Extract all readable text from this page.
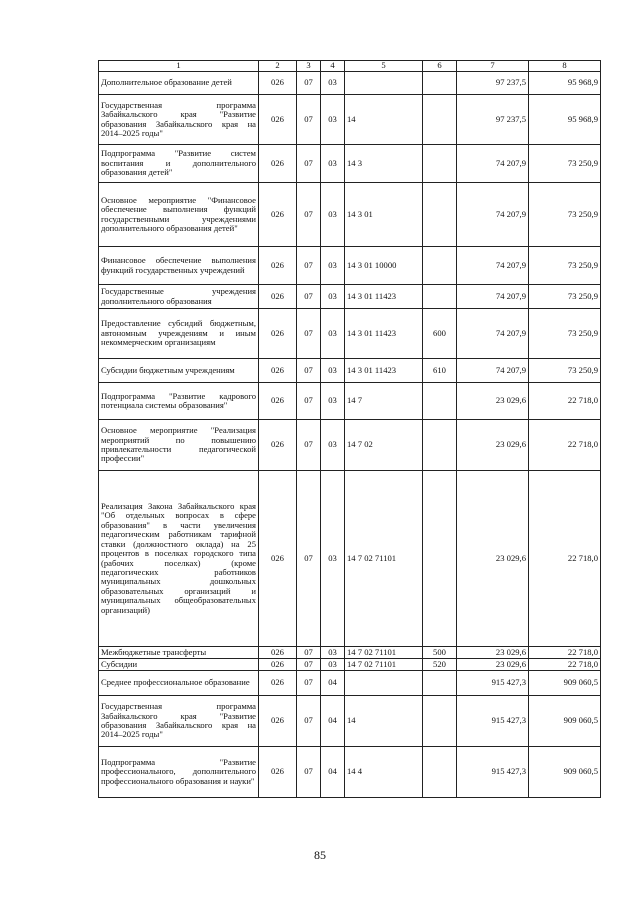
1	2	3	4	5	6	7	8
Дополнительное образование детей	026	07	03			97 237,5	95 968,9
Государственная программа Забайкальского края "Развитие образования Забайкальского края на 2014–2025 годы"	026	07	03	14		97 237,5	95 968,9
Подпрограмма "Развитие систем воспитания и дополнительного образования детей"	026	07	03	14 3		74 207,9	73 250,9
Основное мероприятие "Финансовое обеспечение выполнения функций государственными учреждениями дополнительного образования детей"	026	07	03	14 3 01		74 207,9	73 250,9
Финансовое обеспечение выполнения функций государственных учреждений	026	07	03	14 3 01 10000		74 207,9	73 250,9
Государственные учреждения дополнительного образования	026	07	03	14 3 01 11423		74 207,9	73 250,9
Предоставление субсидий бюджетным, автономным учреждениям и иным некоммерческим организациям	026	07	03	14 3 01 11423	600	74 207,9	73 250,9
Субсидии бюджетным учреждениям	026	07	03	14 3 01 11423	610	74 207,9	73 250,9
Подпрограмма "Развитие кадрового потенциала системы образования"	026	07	03	14 7		23 029,6	22 718,0
Основное мероприятие "Реализация мероприятий по повышению привлекательности педагогической профессии"	026	07	03	14 7 02		23 029,6	22 718,0
Реализация Закона Забайкальского края "Об отдельных вопросах в сфере образования" в части увеличения педагогическим работникам тарифной ставки (должностного оклада) на 25 процентов в поселках городского типа (рабочих поселках) (кроме педагогических работников муниципальных дошкольных образовательных организаций и муниципальных общеобразовательных организаций)	026	07	03	14 7 02 71101		23 029,6	22 718,0
Межбюджетные трансферты	026	07	03	14 7 02 71101	500	23 029,6	22 718,0
Субсидии	026	07	03	14 7 02 71101	520	23 029,6	22 718,0
Среднее профессиональное образование	026	07	04			915 427,3	909 060,5
Государственная программа Забайкальского края "Развитие образования Забайкальского края на 2014–2025 годы"	026	07	04	14		915 427,3	909 060,5
Подпрограмма "Развитие профессионального, дополнительного профессионального образования и науки"	026	07	04	14 4		915 427,3	909 060,5
85
